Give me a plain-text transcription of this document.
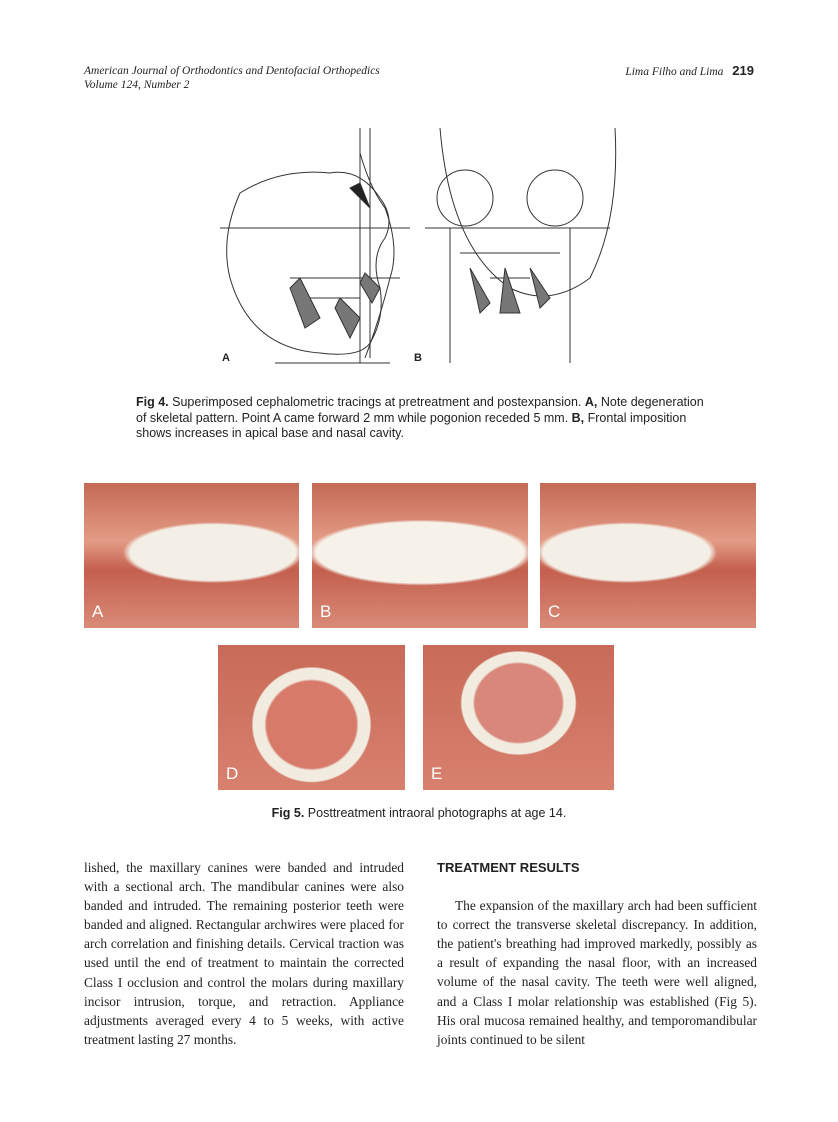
American Journal of Orthodontics and Dentofacial Orthopedics
Volume 124, Number 2
Lima Filho and Lima 219
A	B
Fig 4. Superimposed cephalometric tracings at pretreatment and postexpansion. A, Note degeneration of skeletal pattern. Point A came forward 2 mm while pogonion receded 5 mm. B, Frontal imposition shows increases in apical base and nasal cavity.
A	B	C
D	E
Fig 5. Posttreatment intraoral photographs at age 14.

lished, the maxillary canines were banded and intruded with a sectional arch. The mandibular canines were also banded and intruded. The remaining posterior teeth were banded and aligned. Rectangular archwires were placed for arch correlation and finishing details. Cervical traction was used until the end of treatment to maintain the corrected Class I occlusion and control the molars during maxillary incisor intrusion, torque, and retraction. Appliance adjustments averaged every 4 to 5 weeks, with active treatment lasting 27 months.

TREATMENT RESULTS

The expansion of the maxillary arch had been sufficient to correct the transverse skeletal discrepancy. In addition, the patient's breathing had improved markedly, possibly as a result of expanding the nasal floor, with an increased volume of the nasal cavity. The teeth were well aligned, and a Class I molar relationship was established (Fig 5). His oral mucosa remained healthy, and temporomandibular joints continued to be silent
